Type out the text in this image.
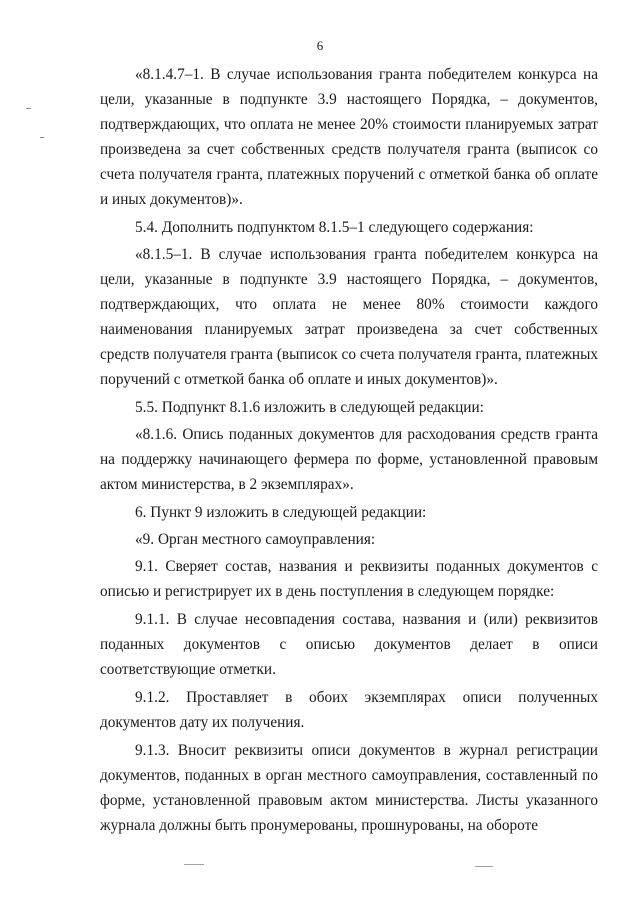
6

«8.1.4.7–1. В случае использования гранта победителем конкурса на цели, указанные в подпункте 3.9 настоящего Порядка, – документов, подтверждающих, что оплата не менее 20% стоимости планируемых затрат произведена за счет собственных средств получателя гранта (выписок со счета получателя гранта, платежных поручений с отметкой банка об оплате и иных документов)».

5.4. Дополнить подпунктом 8.1.5–1 следующего содержания:

«8.1.5–1. В случае использования гранта победителем конкурса на цели, указанные в подпункте 3.9 настоящего Порядка, – документов, подтверждающих, что оплата не менее 80% стоимости каждого наименования планируемых затрат произведена за счет собственных средств получателя гранта (выписок со счета получателя гранта, платежных поручений с отметкой банка об оплате и иных документов)».

5.5. Подпункт 8.1.6 изложить в следующей редакции:

«8.1.6. Опись поданных документов для расходования средств гранта на поддержку начинающего фермера по форме, установленной правовым актом министерства, в 2 экземплярах».

6. Пункт 9 изложить в следующей редакции:

«9. Орган местного самоуправления:

9.1. Сверяет состав, названия и реквизиты поданных документов с описью и регистрирует их в день поступления в следующем порядке:

9.1.1. В случае несовпадения состава, названия и (или) реквизитов поданных документов с описью документов делает в описи соответствующие отметки.

9.1.2. Проставляет в обоих экземплярах описи полученных документов дату их получения.

9.1.3. Вносит реквизиты описи документов в журнал регистрации документов, поданных в орган местного самоуправления, составленный по форме, установленной правовым актом министерства. Листы указанного журнала должны быть пронумерованы, прошнурованы, на обороте
